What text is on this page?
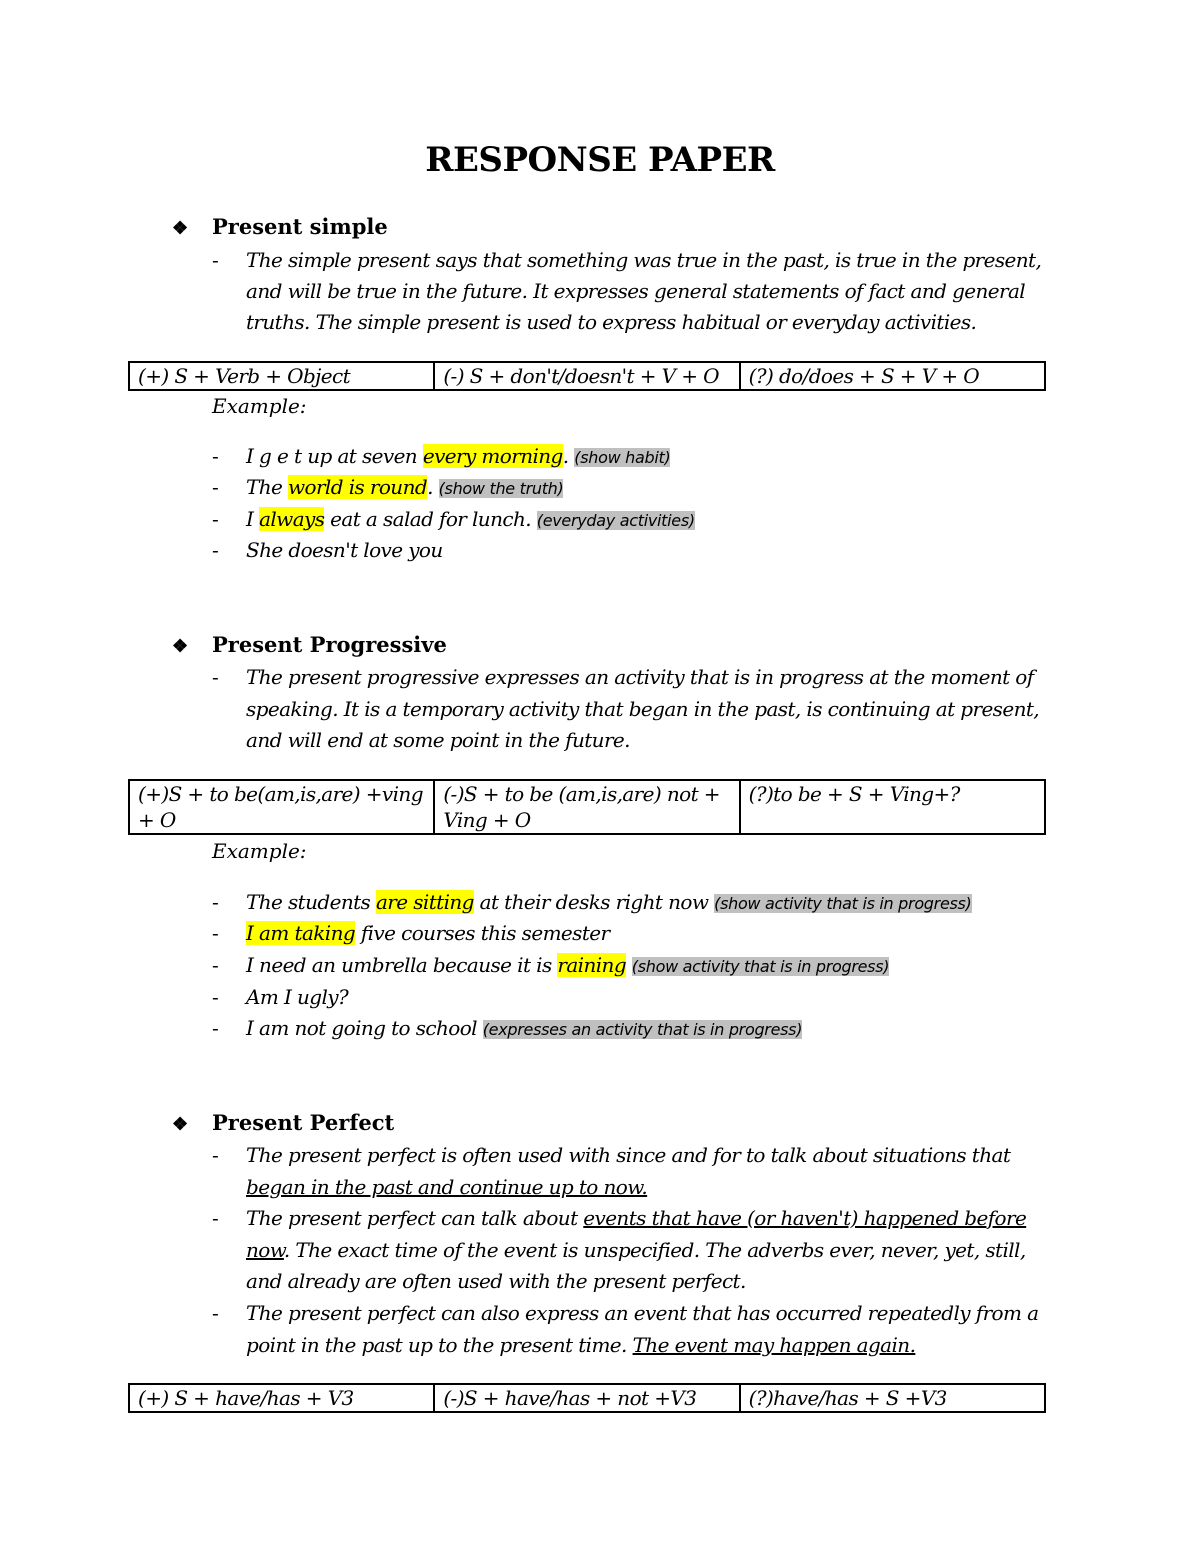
RESPONSE PAPER
❖ Present simple
- The simple present says that something was true in the past, is true in the present,
and will be true in the future. It expresses general statements of fact and general
truths. The simple present is used to express habitual or everyday activities.
(+) S + Verb + Object	(-) S + don't/doesn't + V + O	(?) do/does + S + V + O
Example:
- I g e t up at seven every morning. (show habit)
- The world is round. (show the truth)
- I always eat a salad for lunch. (everyday activities)
- She doesn't love you
❖ Present Progressive
- The present progressive expresses an activity that is in progress at the moment of
speaking. It is a temporary activity that began in the past, is continuing at present,
and will end at some point in the future.
(+)S + to be(am,is,are) +ving + O	(-)S + to be (am,is,are) not + Ving + O	(?)to be + S + Ving+?
Example:
- The students are sitting at their desks right now (show activity that is in progress)
- I am taking five courses this semester
- I need an umbrella because it is raining (show activity that is in progress)
- Am I ugly?
- I am not going to school (expresses an activity that is in progress)
❖ Present Perfect
- The present perfect is often used with since and for to talk about situations that
began in the past and continue up to now.
- The present perfect can talk about events that have (or haven't) happened before
now. The exact time of the event is unspecified. The adverbs ever, never, yet, still,
and already are often used with the present perfect.
- The present perfect can also express an event that has occurred repeatedly from a
point in the past up to the present time. The event may happen again.
(+) S + have/has + V3	(-)S + have/has + not +V3	(?)have/has + S +V3
